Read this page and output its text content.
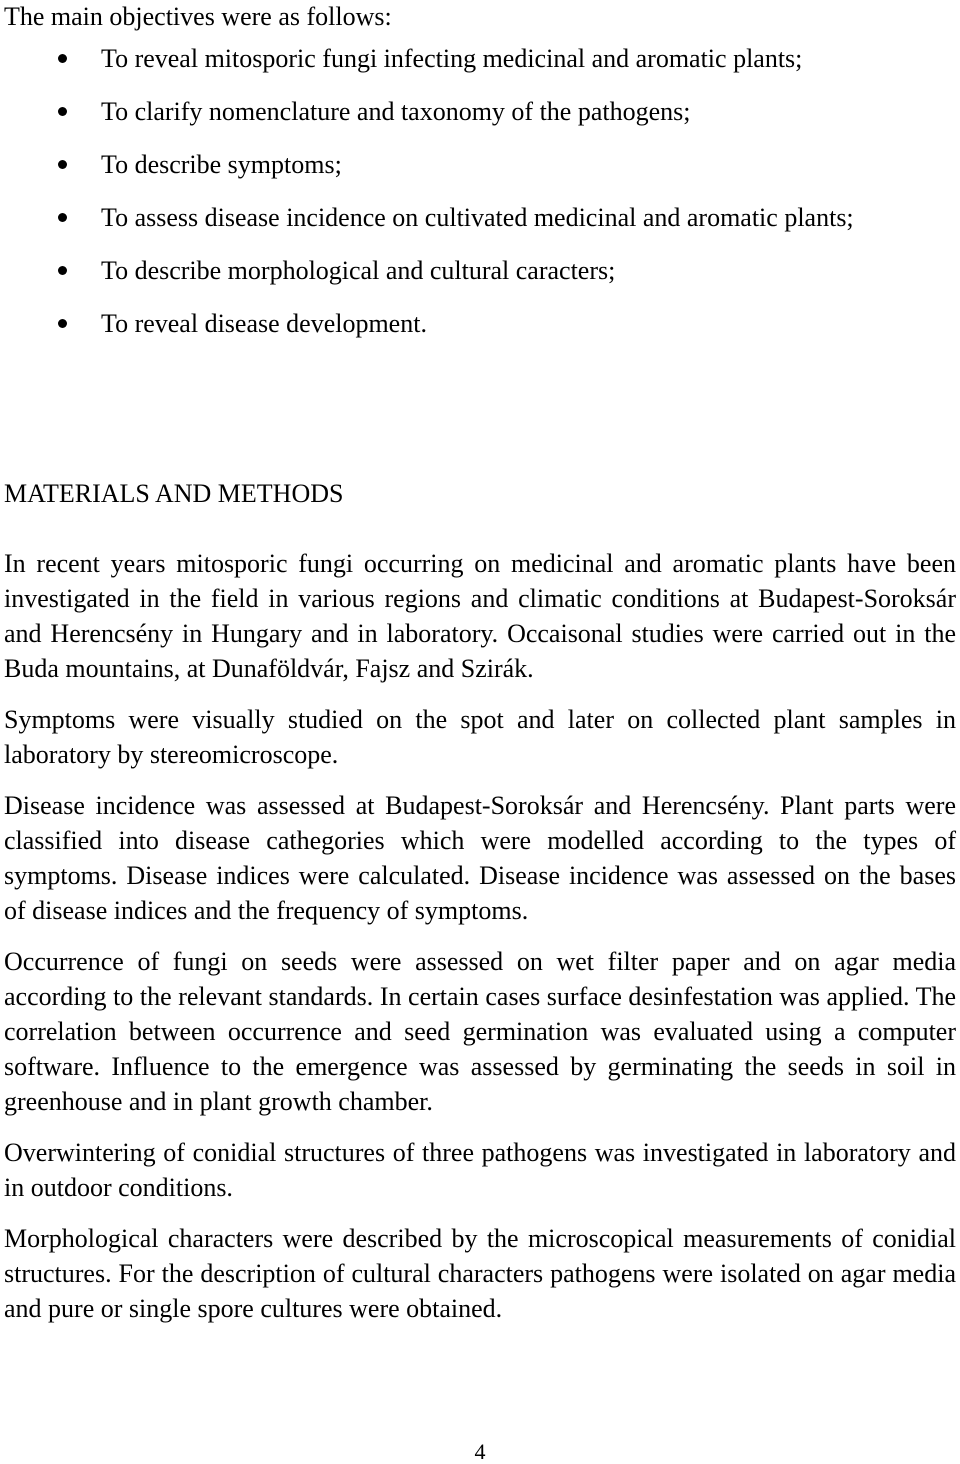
The main objectives were as follows:
To reveal mitosporic fungi infecting medicinal and aromatic plants;
To clarify nomenclature and taxonomy of the pathogens;
To describe symptoms;
To assess disease incidence on cultivated medicinal and aromatic plants;
To describe morphological and cultural caracters;
To reveal disease development.
MATERIALS AND METHODS

In recent years mitosporic fungi occurring on medicinal and aromatic plants have been investigated in the field in various regions and climatic conditions at Budapest-Soroksár and Herencsény in Hungary and in laboratory. Occaisonal studies were carried out in the Buda mountains, at Dunaföldvár, Fajsz and Szirák.

Symptoms were visually studied on the spot and later on collected plant samples in laboratory by stereomicroscope.

Disease incidence was assessed at Budapest-Soroksár and Herencsény. Plant parts were classified into disease cathegories which were modelled according to the types of symptoms. Disease indices were calculated. Disease incidence was assessed on the bases of disease indices and the frequency of symptoms.

Occurrence of fungi on seeds were assessed on wet filter paper and on agar media according to the relevant standards. In certain cases surface desinfestation was applied. The correlation between occurrence and seed germination was evaluated using a computer software. Influence to the emergence was assessed by germinating the seeds in soil in greenhouse and in plant growth chamber.

Overwintering of conidial structures of three pathogens was investigated in laboratory and in outdoor conditions.

Morphological characters were described by the microscopical measurements of conidial structures. For the description of cultural characters pathogens were isolated on agar media and pure or single spore cultures were obtained.

4
